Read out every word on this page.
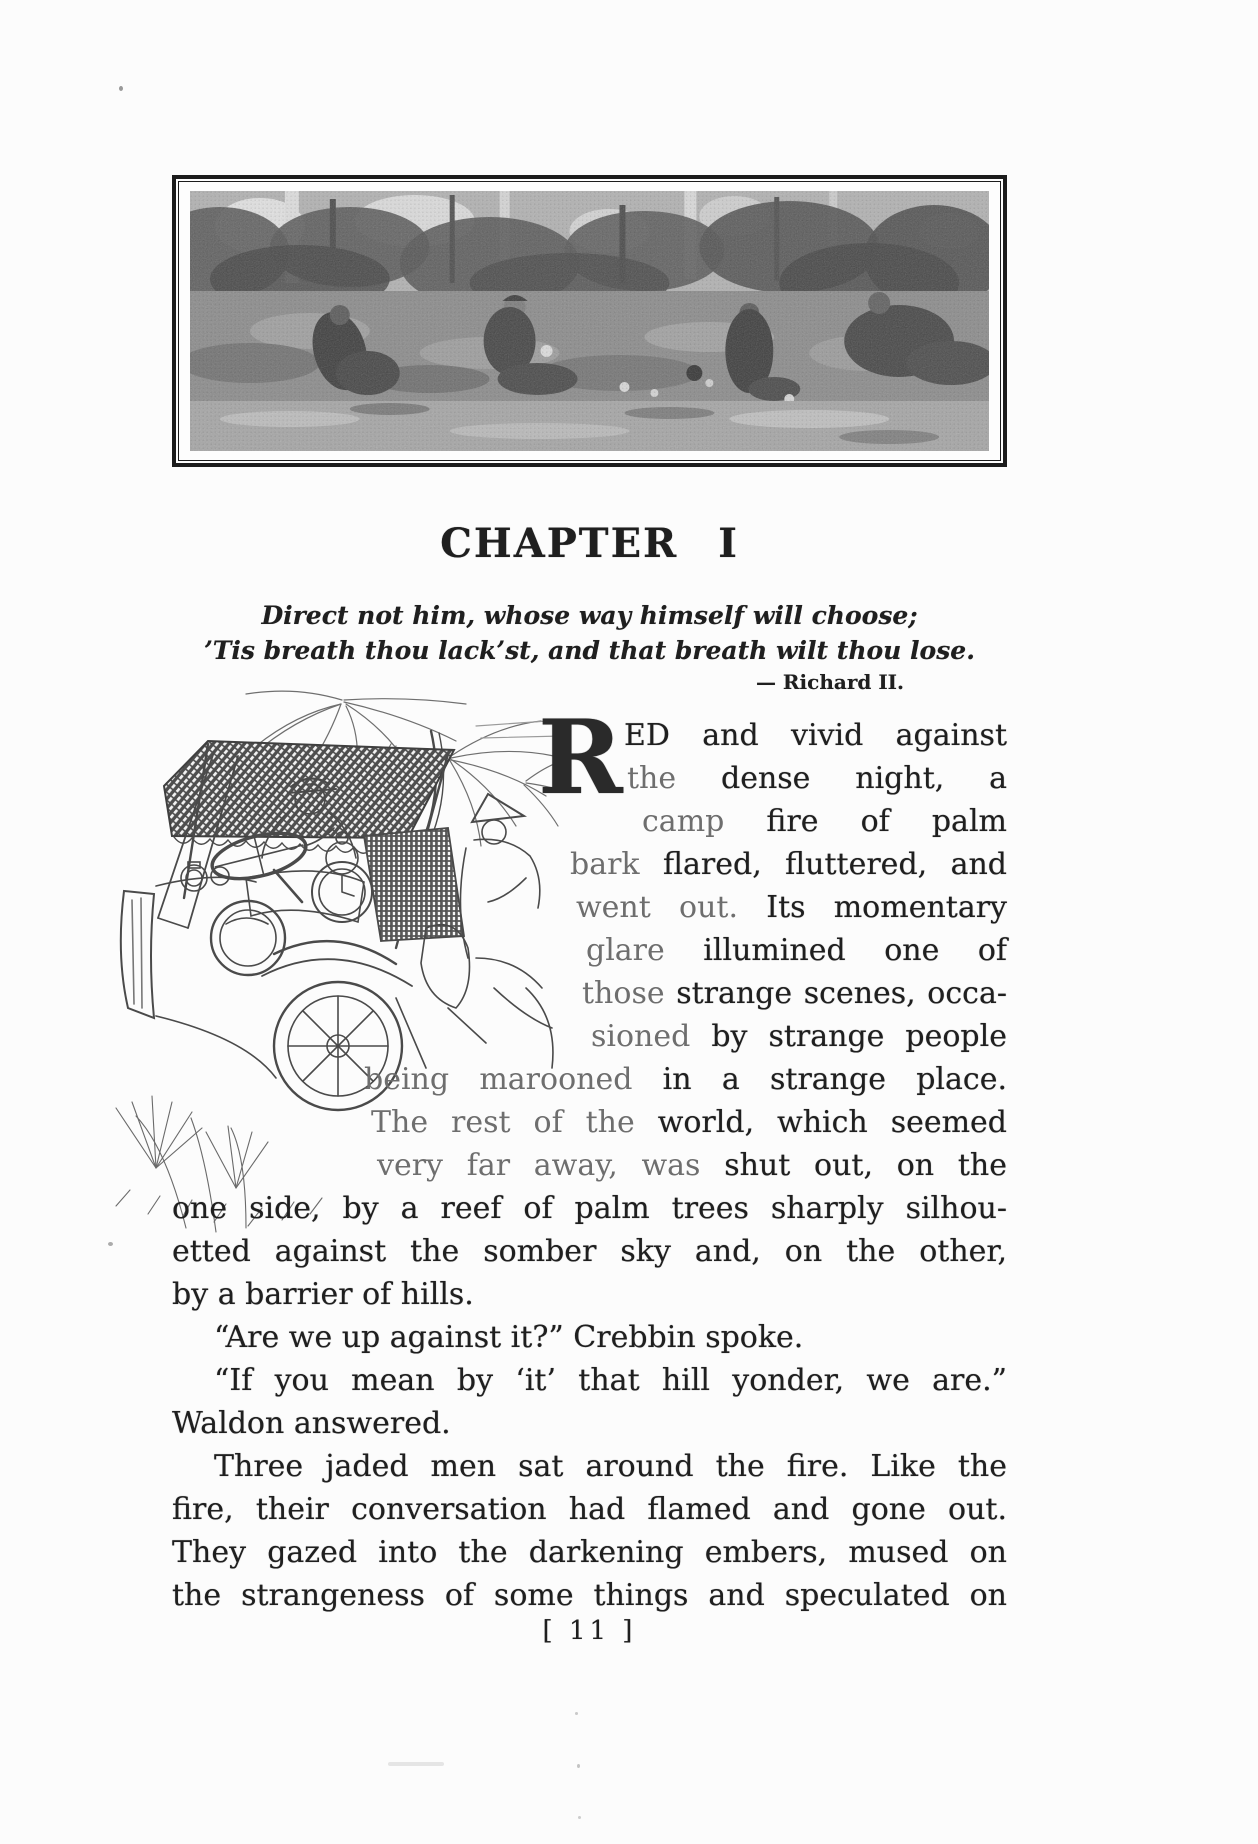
CHAPTER I
Direct not him, whose way himself will choose;
’Tis breath thou lack’st, and that breath wilt thou lose.
— Richard II.
R ED and vivid against
the dense night, a
camp fire of palm
bark flared, fluttered, and
went out. Its momentary
glare illumined one of
those strange scenes, occa-
sioned by strange people
being marooned in a strange place.
The rest of the world, which seemed
very far away, was shut out, on the
one side, by a reef of palm trees sharply silhou-
etted against the somber sky and, on the other,
by a barrier of hills.
“Are we up against it?” Crebbin spoke.
“If you mean by ‘it’ that hill yonder, we are.”
Waldon answered.
Three jaded men sat around the fire. Like the
fire, their conversation had flamed and gone out.
They gazed into the darkening embers, mused on
the strangeness of some things and speculated on
[ 11 ]
